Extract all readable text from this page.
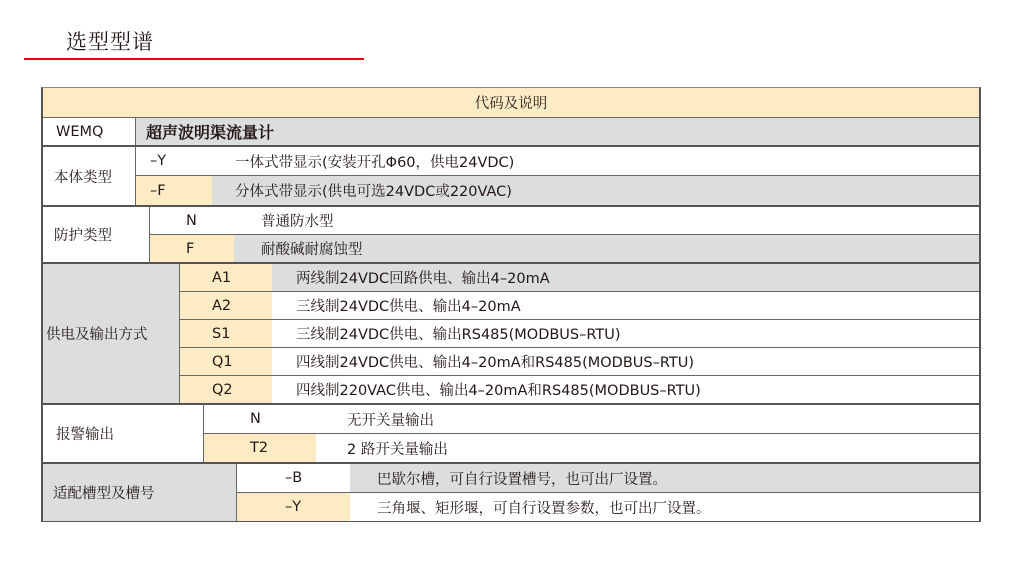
选型型谱
代码及说明
WEMQ	超声波明渠流量计
本体类型
–Y	一体式带显示(安装开孔Φ60，供电24VDC)
–F	分体式带显示(供电可选24VDC或220VAC)
防护类型
N	普通防水型
F	耐酸碱耐腐蚀型
供电及输出方式
A1	两线制24VDC回路供电、输出4–20mA
A2	三线制24VDC供电、输出4–20mA
S1	三线制24VDC供电、输出RS485(MODBUS–RTU)
Q1	四线制24VDC供电、输出4–20mA和RS485(MODBUS–RTU)
Q2	四线制220VAC供电、输出4–20mA和RS485(MODBUS–RTU)
报警输出
N	无开关量输出
T2	2 路开关量输出
适配槽型及槽号
–B	巴歇尔槽，可自行设置槽号，也可出厂设置。
–Y	三角堰、矩形堰，可自行设置参数，也可出厂设置。
